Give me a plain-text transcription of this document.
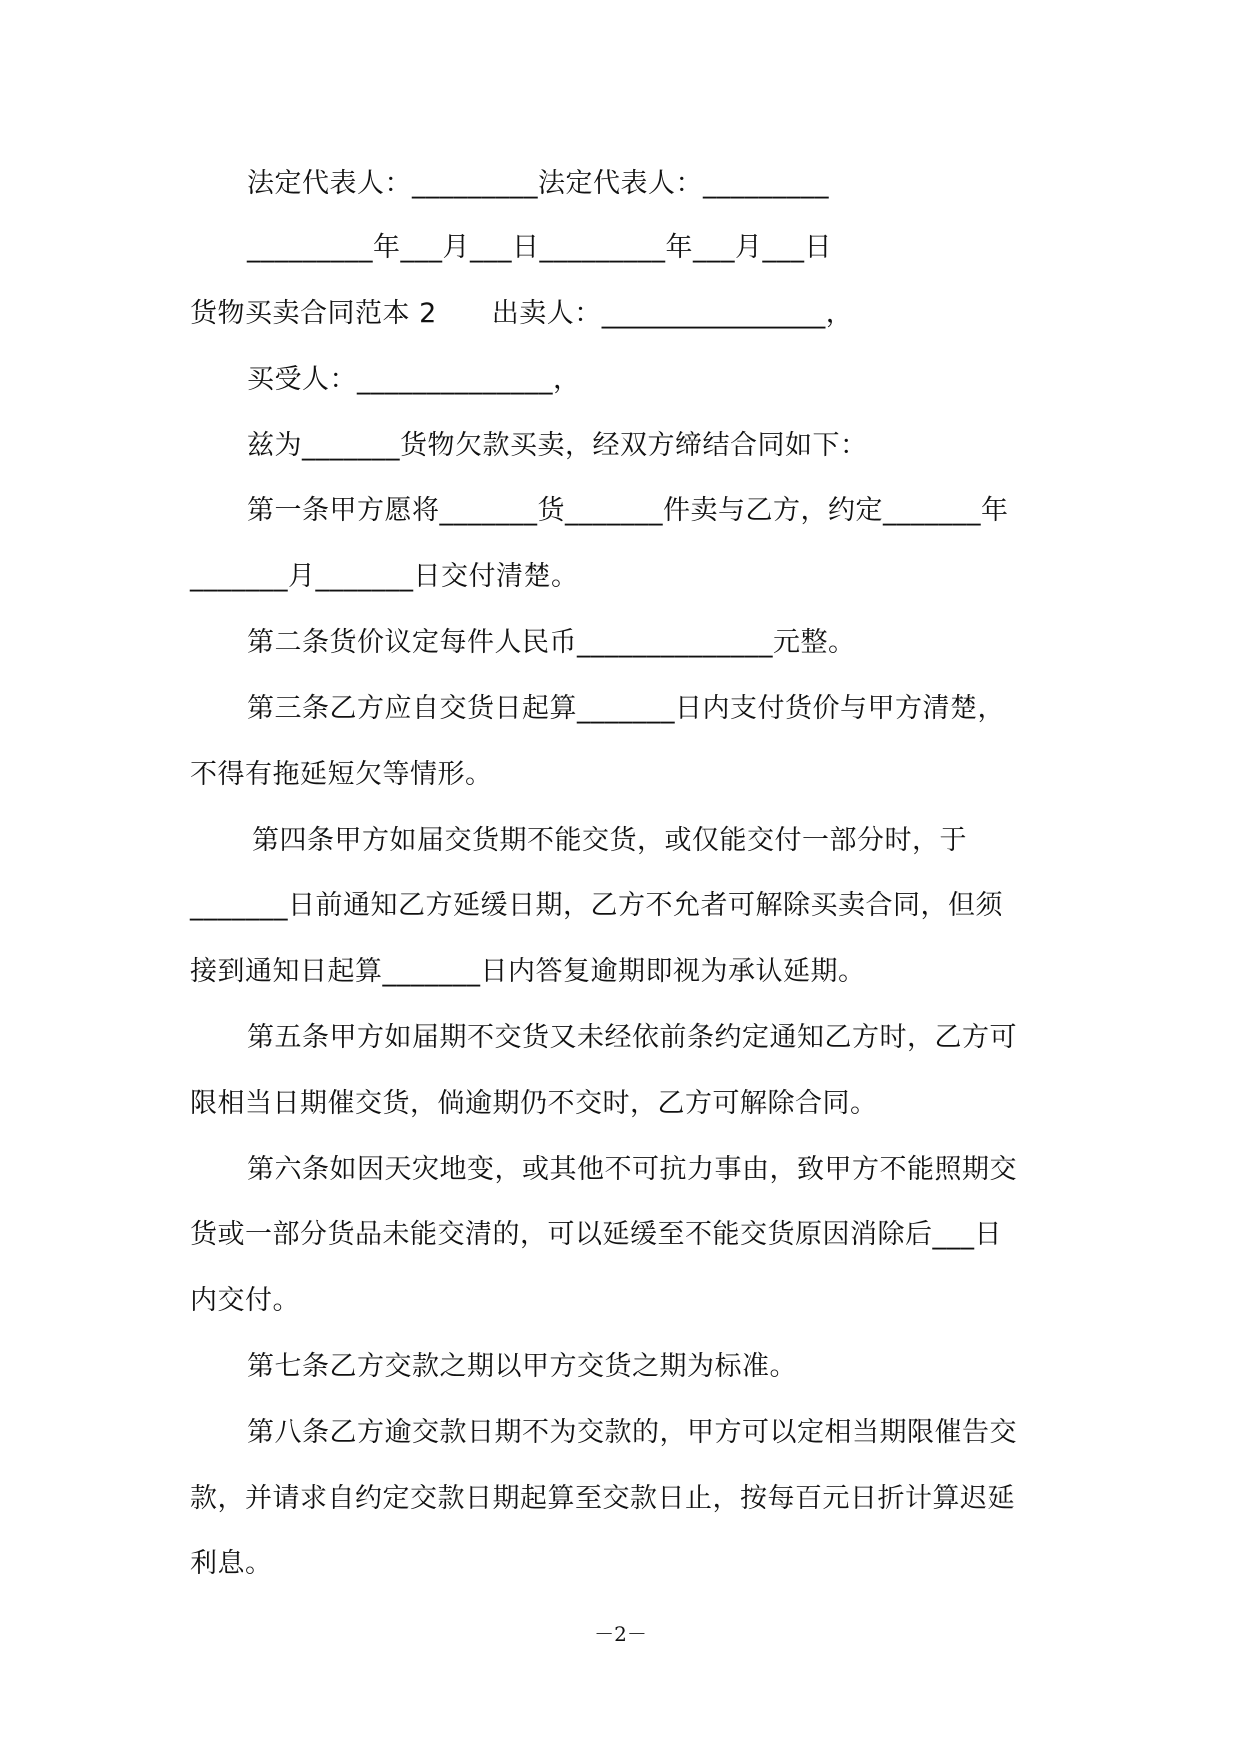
法定代表人：_________法定代表人：_________
_________年___月___日_________年___月___日
货物买卖合同范本 2　　出卖人：________________，
买受人：______________，
兹为_______货物欠款买卖，经双方缔结合同如下：
第一条甲方愿将_______货_______件卖与乙方，约定_______年
_______月_______日交付清楚。
第二条货价议定每件人民币______________元整。
第三条乙方应自交货日起算_______日内支付货价与甲方清楚，
不得有拖延短欠等情形。
第四条甲方如届交货期不能交货，或仅能交付一部分时，于
_______日前通知乙方延缓日期，乙方不允者可解除买卖合同，但须
接到通知日起算_______日内答复逾期即视为承认延期。
第五条甲方如届期不交货又未经依前条约定通知乙方时，乙方可
限相当日期催交货，倘逾期仍不交时，乙方可解除合同。
第六条如因天灾地变，或其他不可抗力事由，致甲方不能照期交
货或一部分货品未能交清的，可以延缓至不能交货原因消除后___日
内交付。
第七条乙方交款之期以甲方交货之期为标准。
第八条乙方逾交款日期不为交款的，甲方可以定相当期限催告交
款，并请求自约定交款日期起算至交款日止，按每百元日折计算迟延
利息。
－2－
